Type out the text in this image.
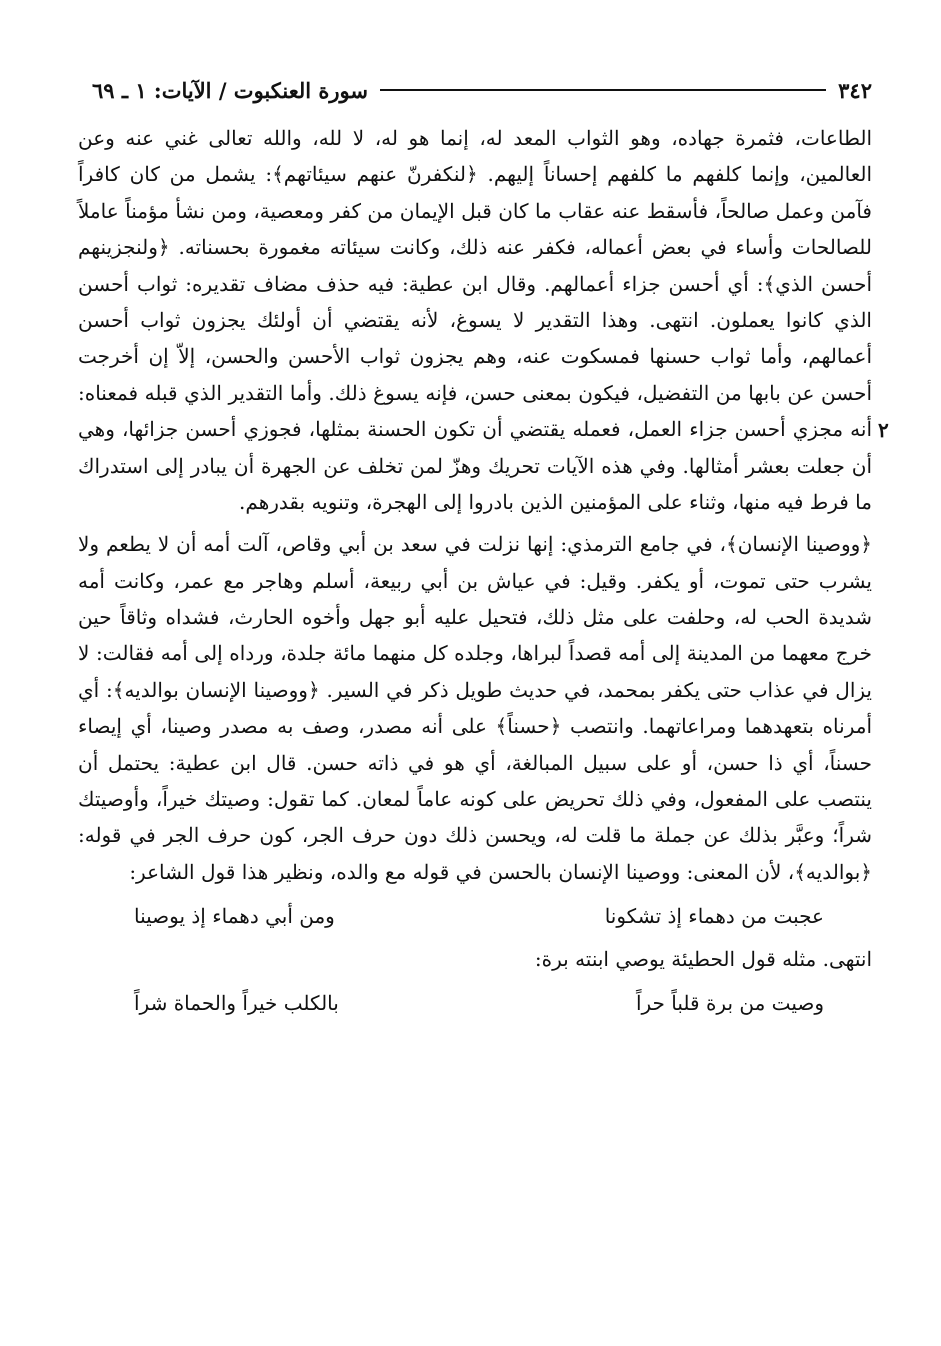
٣٤٢
سورة العنكبوت / الآيات: ١ ـ ٦٩
٢

الطاعات، فثمرة جهاده، وهو الثواب المعد له، إنما هو له، لا لله، والله تعالى غني عنه وعن العالمين، وإنما كلفهم ما كلفهم إحساناً إليهم. ﴿لنكفرنّ عنهم سيئاتهم﴾: يشمل من كان كافراً فآمن وعمل صالحاً، فأسقط عنه عقاب ما كان قبل الإيمان من كفر ومعصية، ومن نشأ مؤمناً عاملاً للصالحات وأساء في بعض أعماله، فكفر عنه ذلك، وكانت سيئاته مغمورة بحسناته. ﴿ولنجزينهم أحسن الذي﴾: أي أحسن جزاء أعمالهم. وقال ابن عطية: فيه حذف مضاف تقديره: ثواب أحسن الذي كانوا يعملون. انتهى. وهذا التقدير لا يسوغ، لأنه يقتضي أن أولئك يجزون ثواب أحسن أعمالهم، وأما ثواب حسنها فمسكوت عنه، وهم يجزون ثواب الأحسن والحسن، إلاّ إن أخرجت أحسن عن بابها من التفضيل، فيكون بمعنى حسن، فإنه يسوغ ذلك. وأما التقدير الذي قبله فمعناه: أنه مجزي أحسن جزاء العمل، فعمله يقتضي أن تكون الحسنة بمثلها، فجوزي أحسن جزائها، وهي أن جعلت بعشر أمثالها. وفي هذه الآيات تحريك وهزّ لمن تخلف عن الجهرة أن يبادر إلى استدراك ما فرط فيه منها، وثناء على المؤمنين الذين بادروا إلى الهجرة، وتنويه بقدرهم.

﴿ووصينا الإنسان﴾، في جامع الترمذي: إنها نزلت في سعد بن أبي وقاص، آلت أمه أن لا يطعم ولا يشرب حتى تموت، أو يكفر. وقيل: في عياش بن أبي ربيعة، أسلم وهاجر مع عمر، وكانت أمه شديدة الحب له، وحلفت على مثل ذلك، فتحيل عليه أبو جهل وأخوه الحارث، فشداه وثاقاً حين خرج معهما من المدينة إلى أمه قصداً لبراها، وجلده كل منهما مائة جلدة، ورداه إلى أمه فقالت: لا يزال في عذاب حتى يكفر بمحمد، في حديث طويل ذكر في السير. ﴿ووصينا الإنسان بوالديه﴾: أي أمرناه بتعهدهما ومراعاتهما. وانتصب ﴿حسناً﴾ على أنه مصدر، وصف به مصدر وصينا، أي إيصاء حسناً، أي ذا حسن، أو على سبيل المبالغة، أي هو في ذاته حسن. قال ابن عطية: يحتمل أن ينتصب على المفعول، وفي ذلك تحريض على كونه عاماً لمعان. كما تقول: وصيتك خيراً، وأوصيتك شراً؛ وعبَّر بذلك عن جملة ما قلت له، ويحسن ذلك دون حرف الجر، كون حرف الجر في قوله: ﴿بوالديه﴾، لأن المعنى: ووصينا الإنسان بالحسن في قوله مع والده، ونظير هذا قول الشاعر:

عجبت من دهماء إذ تشكونا
ومن أبي دهماء إذ يوصينا

انتهى. مثله قول الحطيئة يوصي ابنته برة:

وصيت من برة قلباً حراً
بالكلب خيراً والحماة شراً
